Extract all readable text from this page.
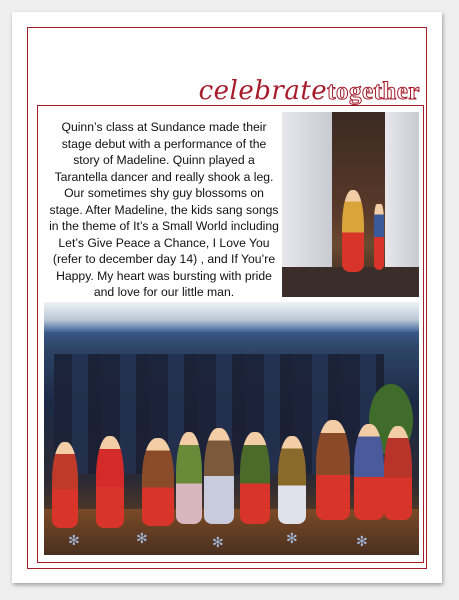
celebratetogether

Quinn’s class at Sundance made their stage debut with a performance of the story of Madeline. Quinn played a Tarantella dancer and really shook a leg. Our sometimes shy guy blossoms on stage. After Madeline, the kids sang songs in the theme of It’s a Small World including Let’s Give Peace a Chance, I Love You (refer to december day 14) , and If You’re Happy. My heart was bursting with pride and love for our little man.

✻	✻	✻	✻	✻
